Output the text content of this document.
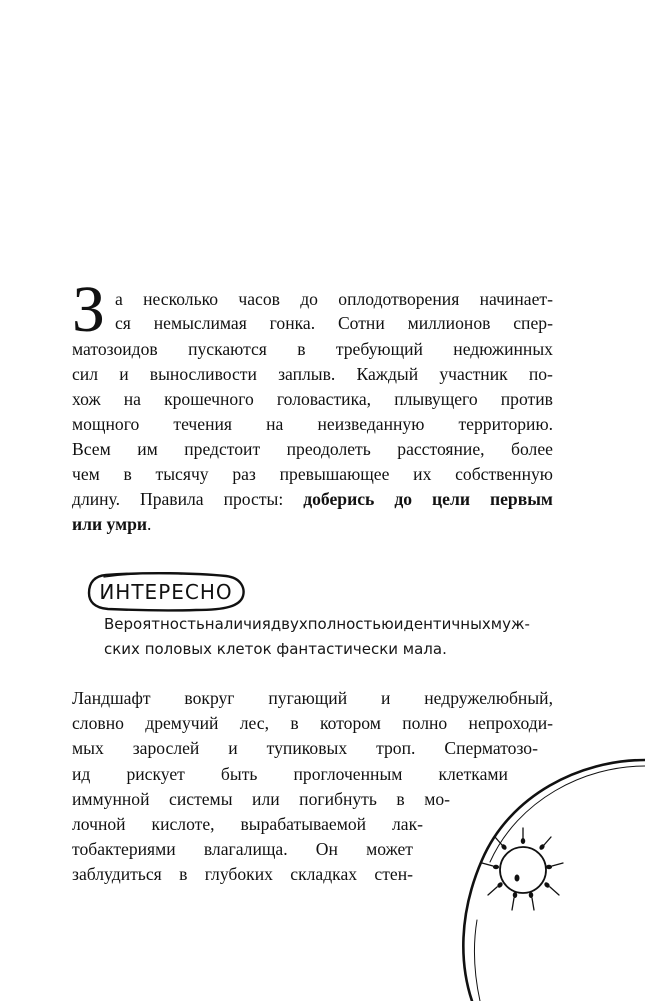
З а несколько часов до оплодотворения начинает-
ся немыслимая гонка. Сотни миллионов спер-
матозоидов пускаются в требующий недюжинных
сил и выносливости заплыв. Каждый участник по-
хож на крошечного головастика, плывущего против
мощного течения на неизведанную территорию.
Всем им предстоит преодолеть расстояние, более
чем в тысячу раз превышающее их собственную
длину. Правила просты: доберись до цели первым
или умри.
ИНТЕРЕСНО
Вероятность наличия двух полностью идентичных муж-
ских половых клеток фантастически мала.
Ландшафт вокруг пугающий и недружелюбный,
словно дремучий лес, в котором полно непроходи-
мых зарослей и тупиковых троп. Сперматозо-
ид рискует быть проглоченным клетками
иммунной системы или погибнуть в мо-
лочной кислоте, вырабатываемой лак-
тобактериями влагалища. Он может
заблудиться в глубоких складках стен-
